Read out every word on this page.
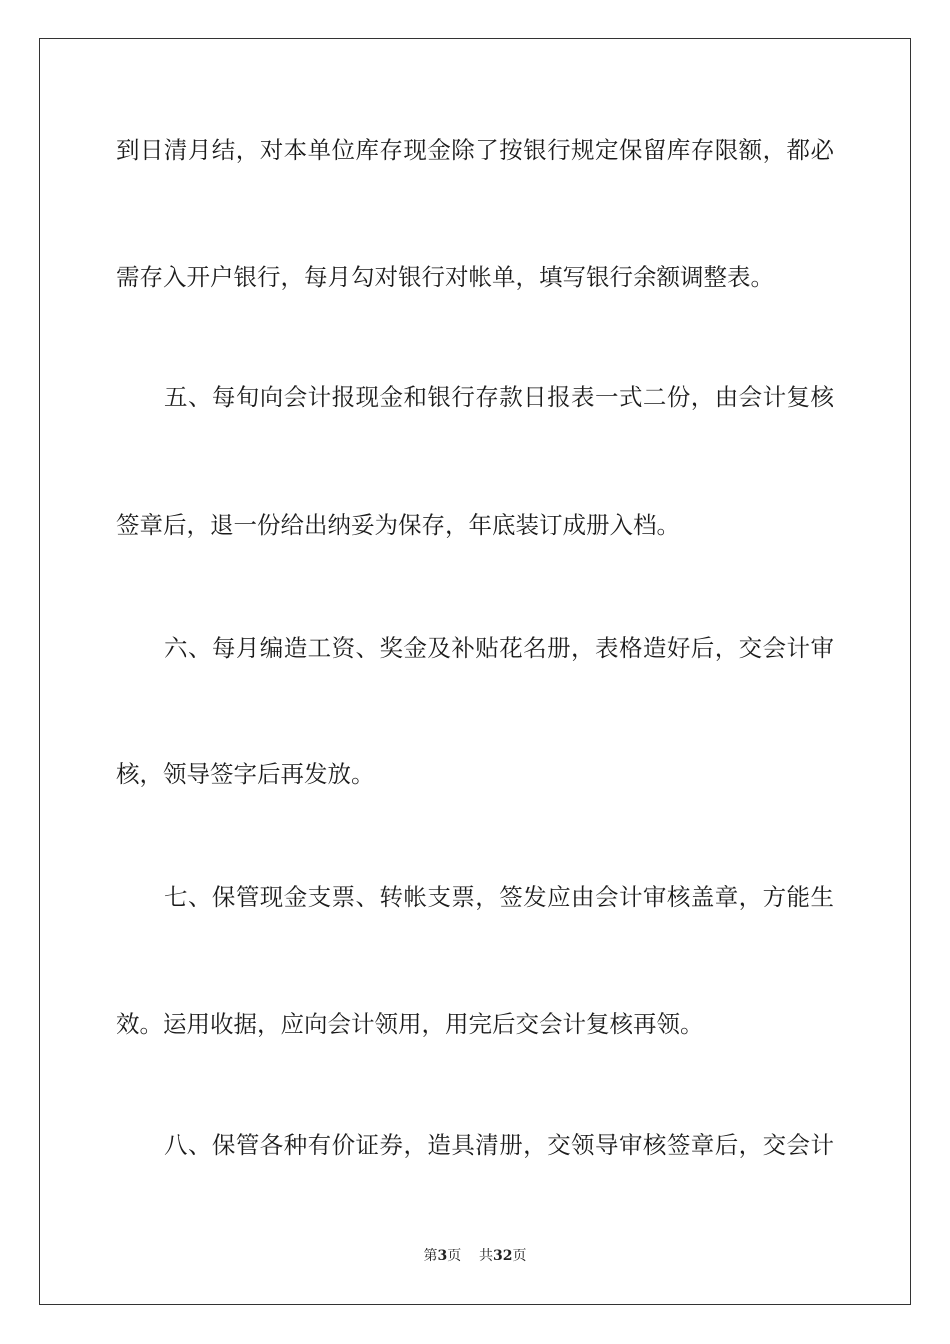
到日清月结，对本单位库存现金除了按银行规定保留库存限额，都必
需存入开户银行，每月勾对银行对帐单，填写银行余额调整表。
五、每旬向会计报现金和银行存款日报表一式二份，由会计复核
签章后，退一份给出纳妥为保存，年底装订成册入档。
六、每月编造工资、奖金及补贴花名册，表格造好后，交会计审
核，领导签字后再发放。
七、保管现金支票、转帐支票，签发应由会计审核盖章，方能生
效。运用收据，应向会计领用，用完后交会计复核再领。
八、保管各种有价证券，造具清册，交领导审核签章后，交会计
第3页 共32页
